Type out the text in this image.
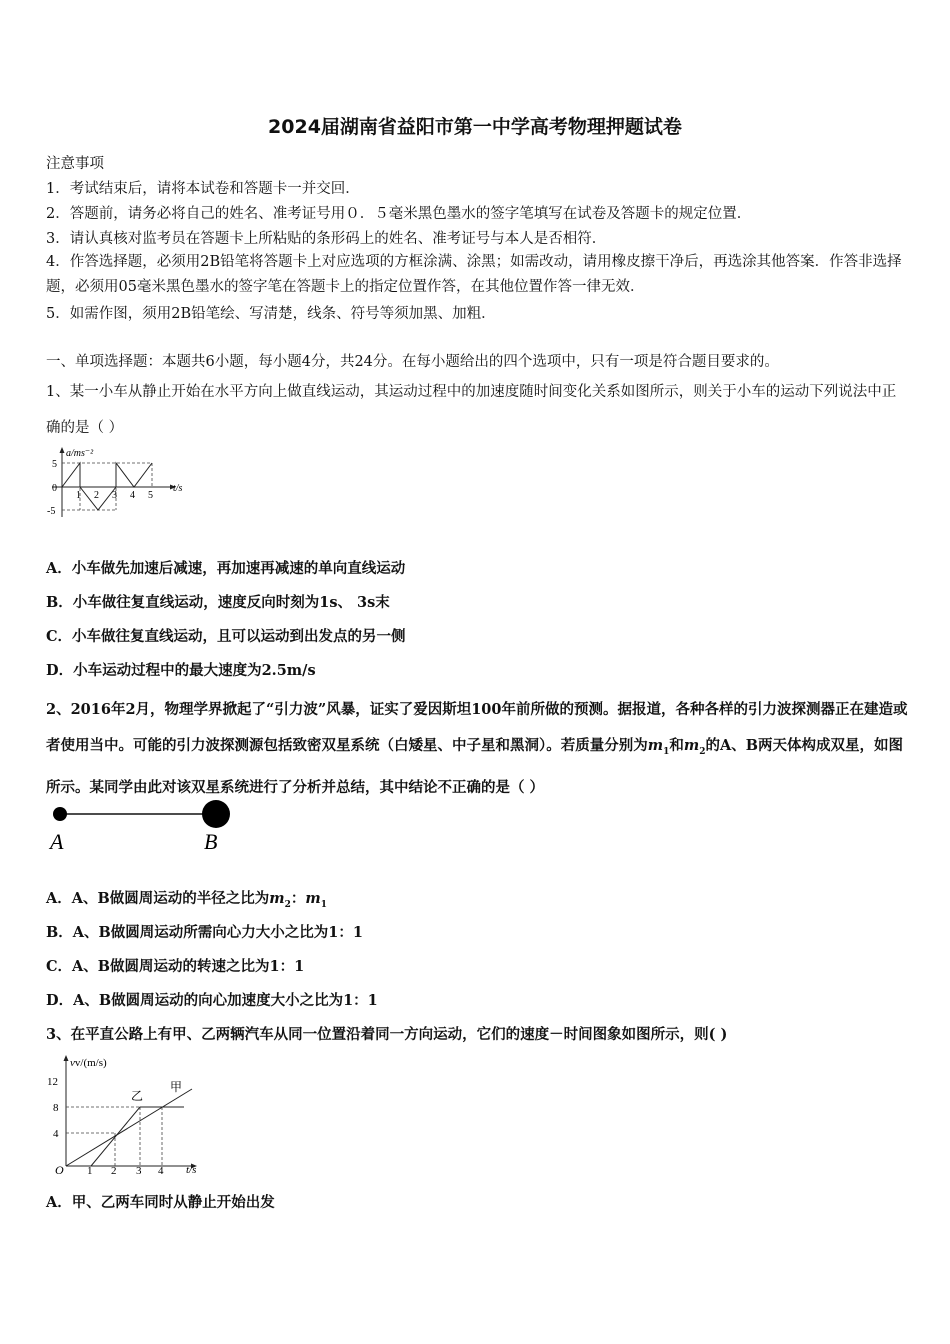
2024届湖南省益阳市第一中学高考物理押题试卷
注意事项
1．考试结束后，请将本试卷和答题卡一并交回．
2．答题前，请务必将自己的姓名、准考证号用０．５毫米黑色墨水的签字笔填写在试卷及答题卡的规定位置．
3．请认真核对监考员在答题卡上所粘贴的条形码上的姓名、准考证号与本人是否相符．
4．作答选择题，必须用2B铅笔将答题卡上对应选项的方框涂满、涂黑；如需改动，请用橡皮擦干净后，再选涂其他答案．作答非选择题，必须用05毫米黑色墨水的签字笔在答题卡上的指定位置作答，在其他位置作答一律无效．
5．如需作图，须用2B铅笔绘、写清楚，线条、符号等须加黑、加粗．
一、单项选择题：本题共6小题，每小题4分，共24分。在每小题给出的四个选项中，只有一项是符合题目要求的。
1、某一小车从静止开始在水平方向上做直线运动，其运动过程中的加速度随时间变化关系如图所示，则关于小车的运动下列说法中正确的是（ ）
a/ms⁻²
t/s
5
0
-5
1 2 3 4 5
A．小车做先加速后减速，再加速再减速的单向直线运动
B．小车做往复直线运动，速度反向时刻为1s、 3s末
C．小车做往复直线运动，且可以运动到出发点的另一侧
D．小车运动过程中的最大速度为2.5m/s
2、2016年2月，物理学界掀起了“引力波”风暴，证实了爱因斯坦100年前所做的预测。据报道，各种各样的引力波探测器正在建造或者使用当中。可能的引力波探测源包括致密双星系统（白矮星、中子星和黑洞）。若质量分别为$m_1$和$m_2$的A、B两天体构成双星，如图所示。某同学由此对该双星系统进行了分析并总结，其中结论不正确的是（ ）
A	B
A．A、B做圆周运动的半径之比为$m_2$：$m_1$
B．A、B做圆周运动所需向心力大小之比为1：1
C．A、B做圆周运动的转速之比为1：1
D．A、B做圆周运动的向心加速度大小之比为1：1
3、在平直公路上有甲、乙两辆汽车从同一位置沿着同一方向运动，它们的速度－时间图象如图所示，则( )
vv/(m/s)
t/s
O
12
8
4
1 2 3 4
甲
乙
A．甲、乙两车同时从静止开始出发
